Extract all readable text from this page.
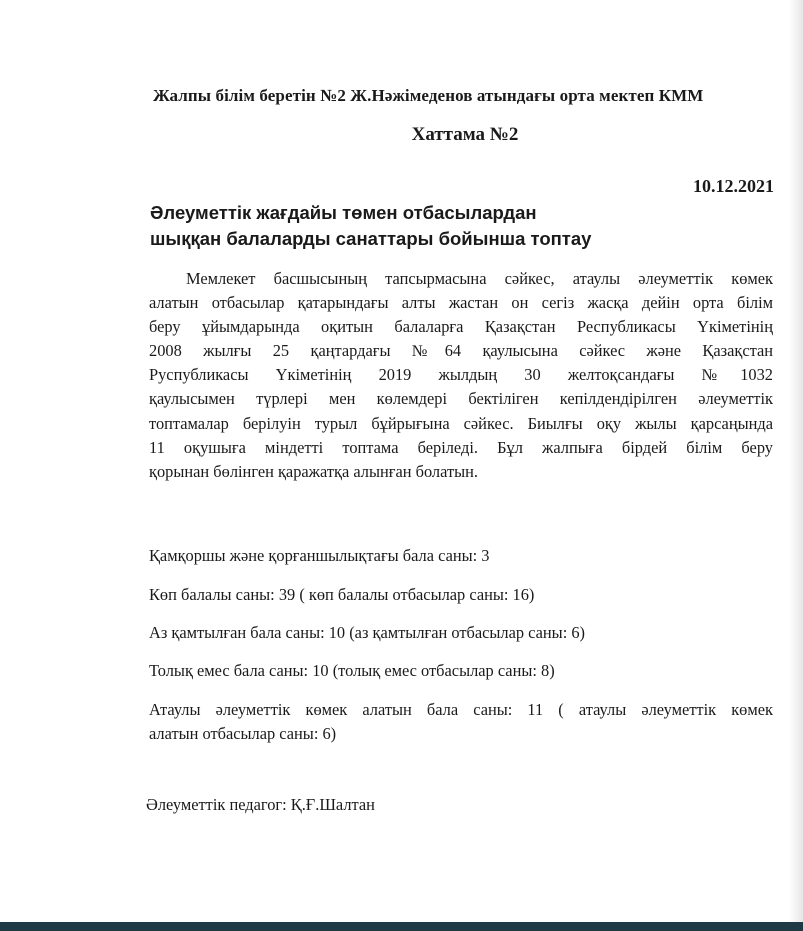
Жалпы білім беретін №2 Ж.Нәжімеденов атындағы орта мектеп КММ
Хаттама №2
10.12.2021
Әлеуметтік жағдайы төмен отбасылардан
шыққан балаларды санаттары бойынша топтау
Мемлекет басшысының тапсырмасына сәйкес, атаулы әлеуметтік көмек
алатын отбасылар қатарындағы алты жастан он сегіз жасқа дейін орта білім
беру ұйымдарында оқитын балаларға Қазақстан Республикасы Үкіметінің
2008 жылғы 25 қаңтардағы №64 қаулысына сәйкес және Қазақстан
Руспубликасы Үкіметінің 2019 жылдың 30 желтоқсандағы №1032
қаулысымен түрлері мен көлемдері бектіліген кепілдендірілген әлеуметтік
топтамалар берілуін турыл бұйрығына сәйкес. Биылғы оқу жылы қарсаңында
11 оқушыға міндетті топтама беріледі. Бұл жалпыға бірдей білім беру
қорынан бөлінген қаражатқа алынған болатын.
Қамқоршы және қорғаншылықтағы бала саны: 3
Көп балалы саны: 39 ( көп балалы отбасылар саны: 16)
Аз қамтылған бала саны: 10 (аз қамтылған отбасылар саны: 6)
Толық емес бала саны: 10 (толық емес отбасылар саны: 8)
Атаулы әлеуметтік көмек алатын бала саны: 11 ( атаулы әлеуметтік көмек
алатын отбасылар саны: 6)
Әлеуметтік педагог: Қ.Ғ.Шалтан
